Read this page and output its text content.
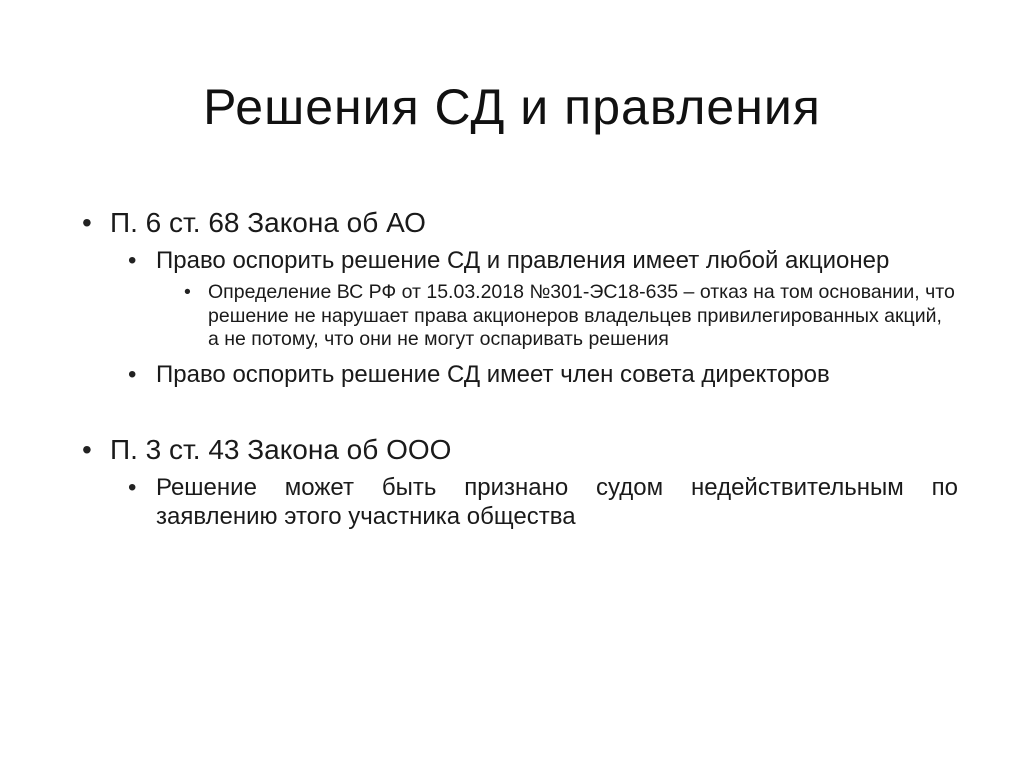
Решения СД и правления
• П. 6 ст. 68 Закона об АО
• Право оспорить решение СД и правления имеет любой акционер
• Определение ВС РФ от 15.03.2018 №301-ЭС18-635 – отказ на том основании, что решение не нарушает права акционеров владельцев привилегированных акций, а не потому, что они не могут оспаривать решения
• Право оспорить решение СД имеет член совета директоров
• П. 3 ст. 43 Закона об ООО
• Решение может быть признано судом недействительным по заявлению этого участника общества
